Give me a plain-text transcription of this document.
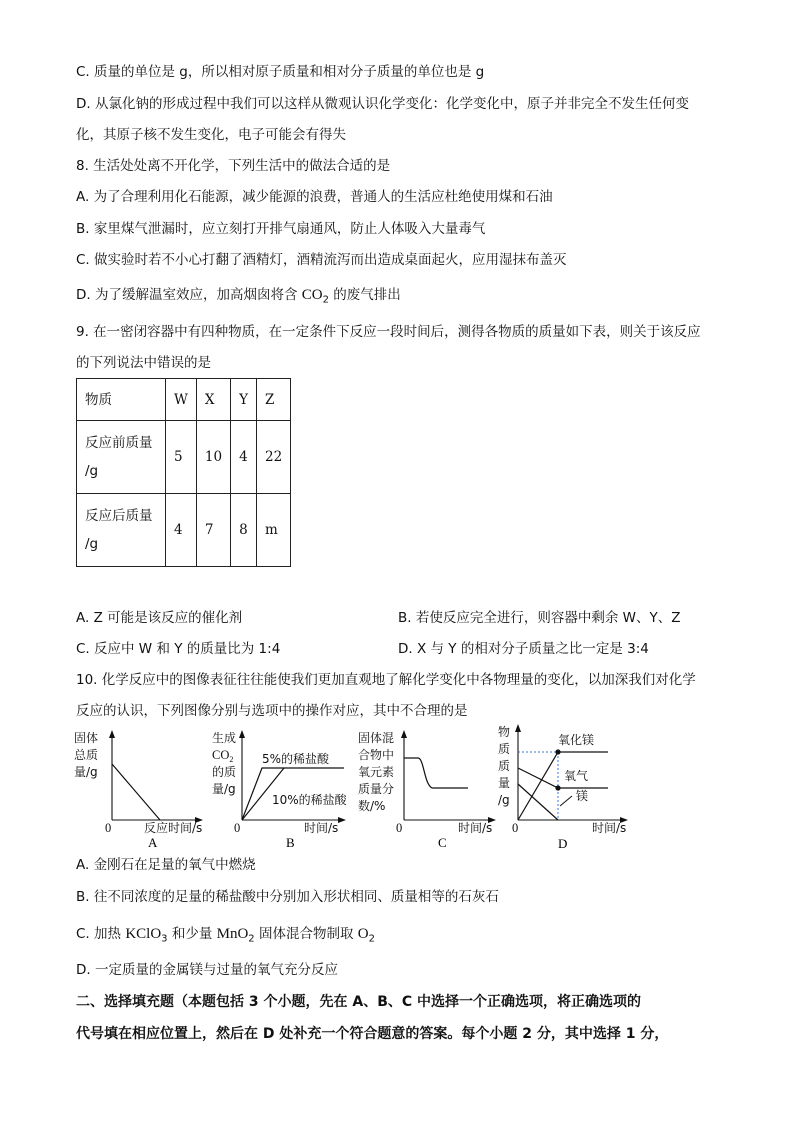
C. 质量的单位是 g，所以相对原子质量和相对分子质量的单位也是 g
D. 从氯化钠的形成过程中我们可以这样从微观认识化学变化：化学变化中，原子并非完全不发生任何变
化，其原子核不发生变化，电子可能会有得失
8. 生活处处离不开化学，下列生活中的做法合适的是
A. 为了合理利用化石能源，减少能源的浪费，普通人的生活应杜绝使用煤和石油
B. 家里煤气泄漏时，应立刻打开排气扇通风，防止人体吸入大量毒气
C. 做实验时若不小心打翻了酒精灯，酒精流泻而出造成桌面起火，应用湿抹布盖灭
D. 为了缓解温室效应，加高烟囱将含 $CO_2$ 的废气排出
9. 在一密闭容器中有四种物质，在一定条件下反应一段时间后，测得各物质的质量如下表，则关于该反应
的下列说法中错误的是
物质	W	X	Y	Z
反应前质量
/g	5	10	4	22
反应后质量
/g	4	7	8	m
A. Z 可能是该反应的催化剂	B. 若使反应完全进行，则容器中剩余 W、Y、Z
C. 反应中 W 和 Y 的质量比为 1:4	D. X 与 Y 的相对分子质量之比一定是 3:4
10. 化学反应中的图像表征往往能使我们更加直观地了解化学变化中各物理量的变化，以加深我们对化学
反应的认识，下列图像分别与选项中的操作对应，其中不合理的是
固体
总质
量/g
0	反应时间/s
A
生成
$CO_2$
的质
量/g
5%的稀盐酸
10%的稀盐酸
0	时间/s
B
固体混
合物中
氧元素
质量分
数/%
0	时间/s
C
物
质
质
量
/g
氧化镁
氧气
镁
0	时间/s
D
A. 金刚石在足量的氧气中燃烧
B. 往不同浓度的足量的稀盐酸中分别加入形状相同、质量相等的石灰石
C. 加热 KClO$_3$ 和少量 MnO$_2$ 固体混合物制取 $O_2$
D. 一定质量的金属镁与过量的氧气充分反应
二、选择填充题（本题包括 3 个小题，先在 A、B、C 中选择一个正确选项，将正确选项的
代号填在相应位置上，然后在 D 处补充一个符合题意的答案。每个小题 2 分，其中选择 1 分，
